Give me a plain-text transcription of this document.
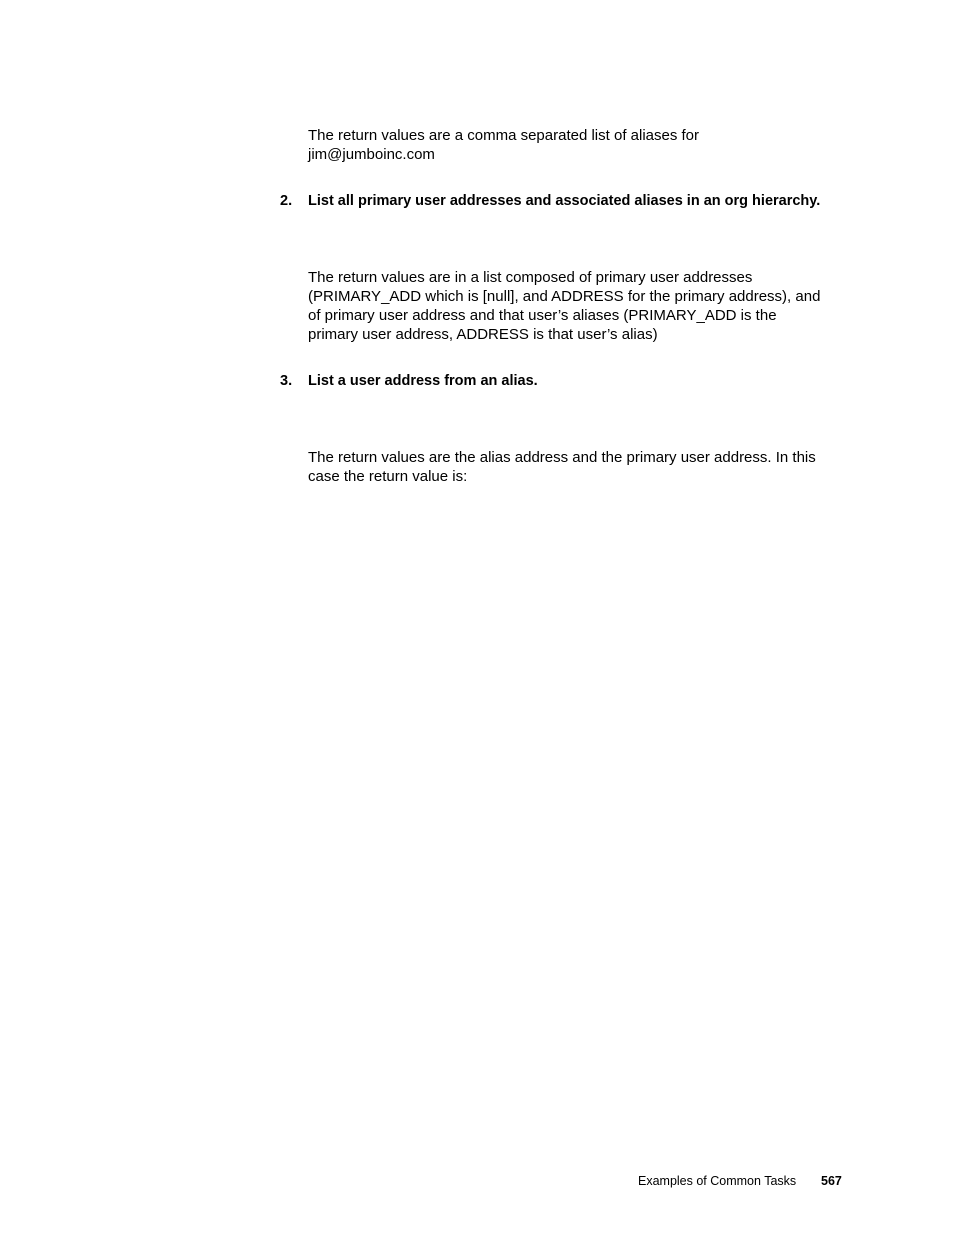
The return values are a comma separated list of aliases for
jim@jumboinc.com

2. List all primary user addresses and associated aliases in an org hierarchy.

The return values are in a list composed of primary user addresses
(PRIMARY_ADD which is [null], and ADDRESS for the primary address), and
of primary user address and that user’s aliases (PRIMARY_ADD is the
primary user address, ADDRESS is that user’s alias)

3. List a user address from an alias.

The return values are the alias address and the primary user address. In this
case the return value is:

Examples of Common Tasks 567
